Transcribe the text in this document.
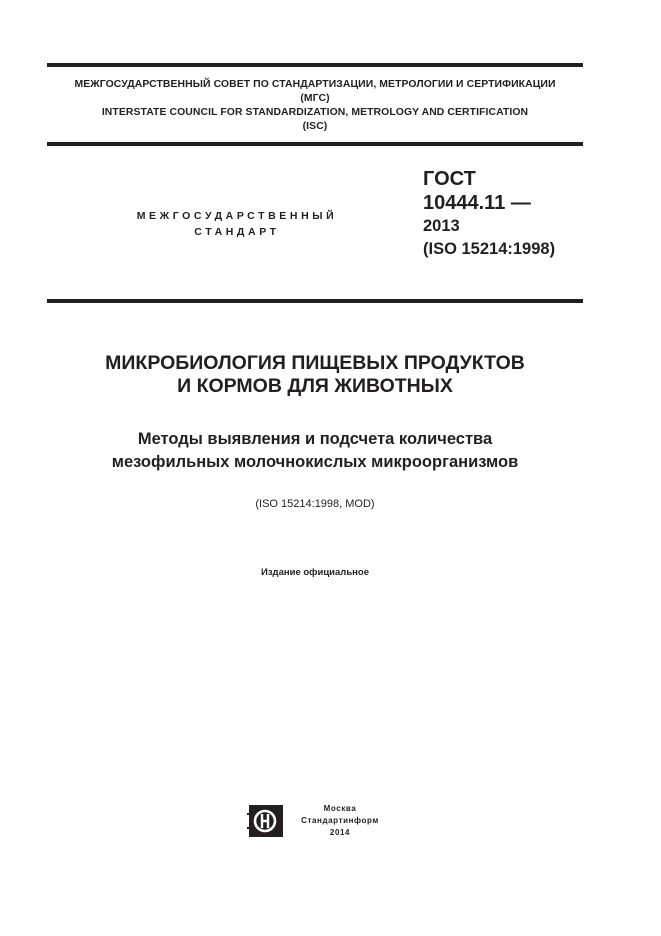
МЕЖГОСУДАРСТВЕННЫЙ СОВЕТ ПО СТАНДАРТИЗАЦИИ, МЕТРОЛОГИИ И СЕРТИФИКАЦИИ
(МГС)
INTERSTATE COUNCIL FOR STANDARDIZATION, METROLOGY AND CERTIFICATION
(ISC)
МЕЖГОСУДАРСТВЕННЫЙ
СТАНДАРТ
ГОСТ
10444.11 —
2013
(ISO 15214:1998)
МИКРОБИОЛОГИЯ ПИЩЕВЫХ ПРОДУКТОВ
И КОРМОВ ДЛЯ ЖИВОТНЫХ
Методы выявления и подсчета количества
мезофильных молочнокислых микроорганизмов
(ISO 15214:1998, MOD)
Издание официальное
Москва
Стандартинформ
2014
